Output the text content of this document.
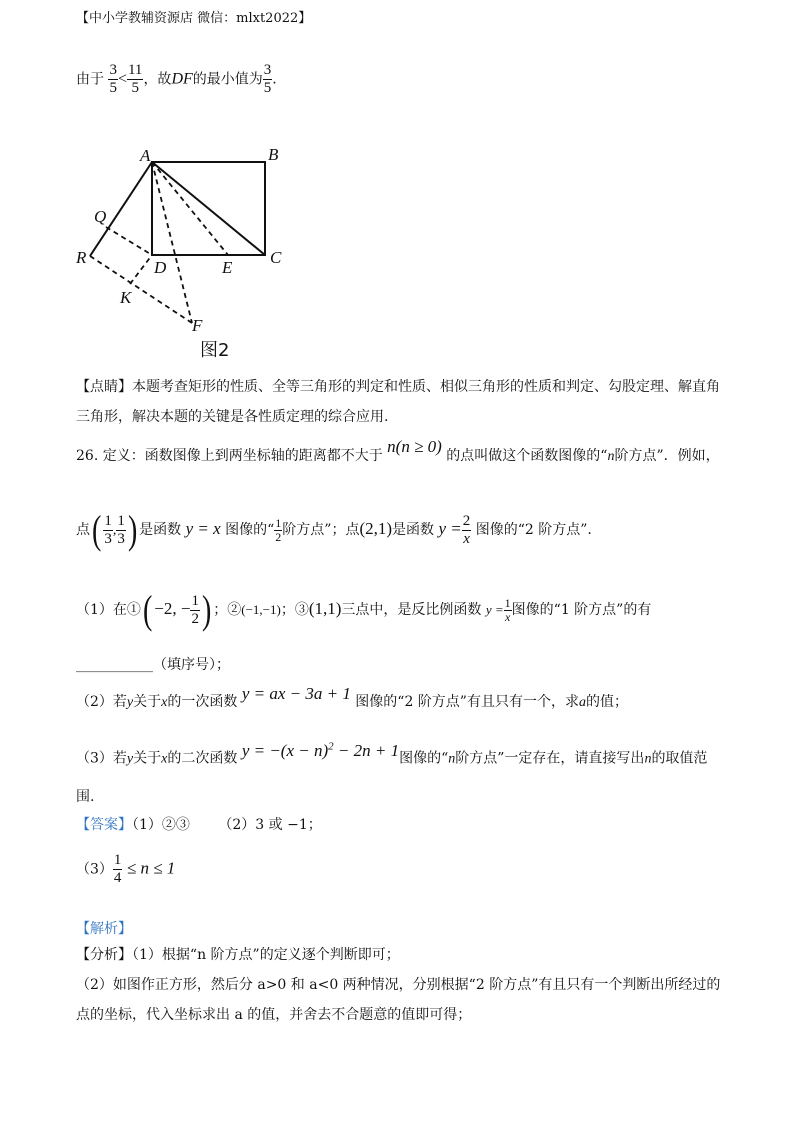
【中小学教辅资源店 微信：mlxt2022】
由于 $\frac{3}{5} < \frac{11}{5}$ ，故DF的最小值为 $\frac{3}{5}$ .
A	B
C
D	E
F
K
Q
R
图2
【点睛】本题考查矩形的性质、全等三角形的判定和性质、相似三角形的性质和判定、勾股定理、解直角
三角形，解决本题的关键是各性质定理的综合应用.
26. 定义：函数图像上到两坐标轴的距离都不大于 n(n ≥ 0) 的点叫做这个函数图像的“n阶方点”．例如，
点( $\frac{1}{3}$ , $\frac{1}{3}$ ) 是函数 y = x 图像的“ $\frac{1}{2}$ 阶方点”；点(2,1)是函数 $y = \frac{2}{x}$ 图像的“2 阶方点”.
（1）在①( −2, − $\frac{1}{2}$ ) ；②(−1,−1)；③(1,1)三点中，是反比例函数 $y = \frac{1}{x}$ 图像的“1 阶方点”的有
___________（填序号）；
（2）若y关于x的一次函数 y = ax − 3a + 1 图像的“2 阶方点”有且只有一个，求a的值；
（3）若y关于x的二次函数 $y = -(x - n)^2 - 2n + 1$图像的“n阶方点”一定存在，请直接写出n的取值范
围.
【答案】（1）②③ （2）3 或 −1；
$(3) \frac{1}{4} \le n \le 1$
【解析】
【分析】（1）根据“n 阶方点”的定义逐个判断即可；
（2）如图作正方形，然后分 a>0 和 a<0 两种情况，分别根据“2 阶方点”有且只有一个判断出所经过的
点的坐标，代入坐标求出 a 的值，并舍去不合题意的值即可得；
